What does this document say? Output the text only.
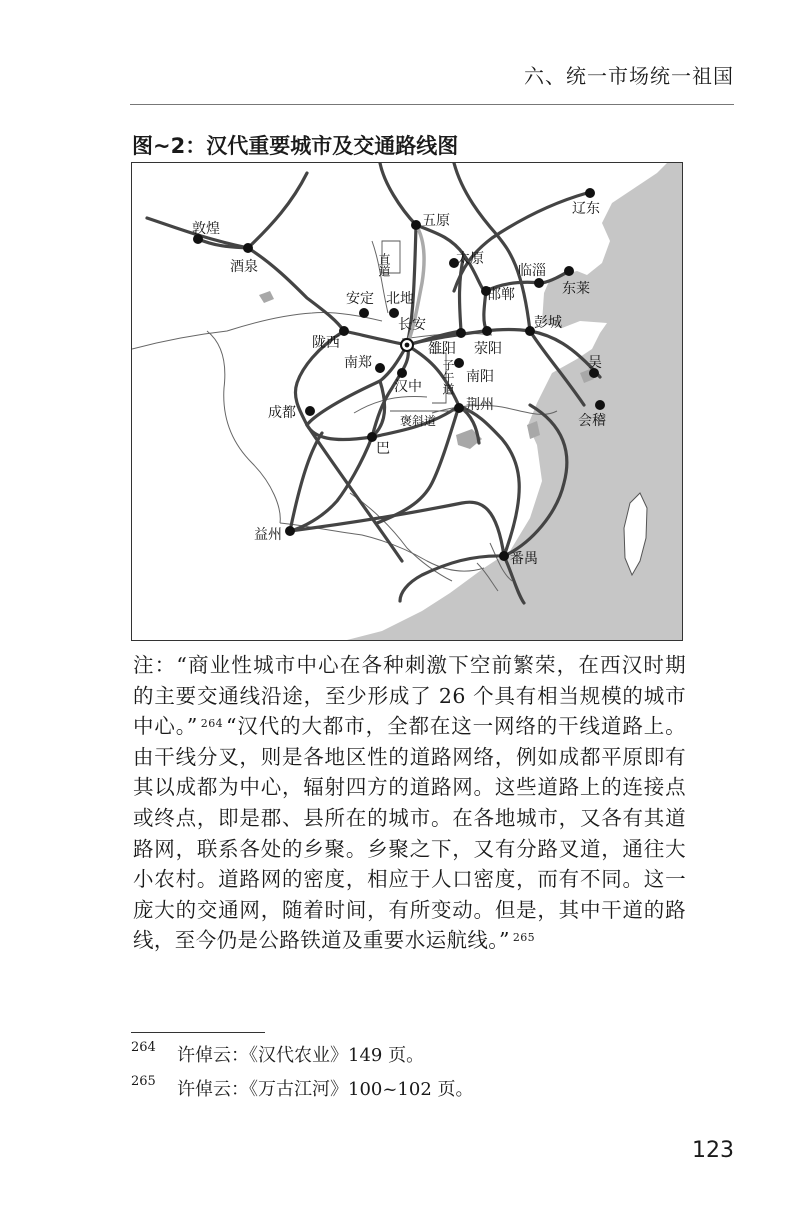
六、统一市场统一祖国
图~2：汉代重要城市及交通路线图
敦煌
酒泉
五原
辽东
太原
临淄
东莱
邯郸
安定 北地
长安
陇西
彭城
雒阳 荥阳
南郑
汉中
南阳
吴
成都	荆州
会稽
巴
益州
番禺
直道
子午道
褒斜道
注：“商业性城市中心在各种刺激下空前繁荣，在西汉时期的主要交通线沿途，至少形成了 26 个具有相当规模的城市中心。” $^{264}$ “汉代的大都市，全都在这一网络的干线道路上。由干线分叉，则是各地区性的道路网络，例如成都平原即有其以成都为中心，辐射四方的道路网。这些道路上的连接点或终点，即是郡、县所在的城市。在各地城市，又各有其道路网，联系各处的乡聚。乡聚之下，又有分路叉道，通往大小农村。道路网的密度，相应于人口密度，而有不同。这一庞大的交通网，随着时间，有所变动。但是，其中干道的路线，至今仍是公路铁道及重要水运航线。” $^{265}$
264 许倬云：《汉代农业》149 页。
265 许倬云：《万古江河》100~102 页。
123
